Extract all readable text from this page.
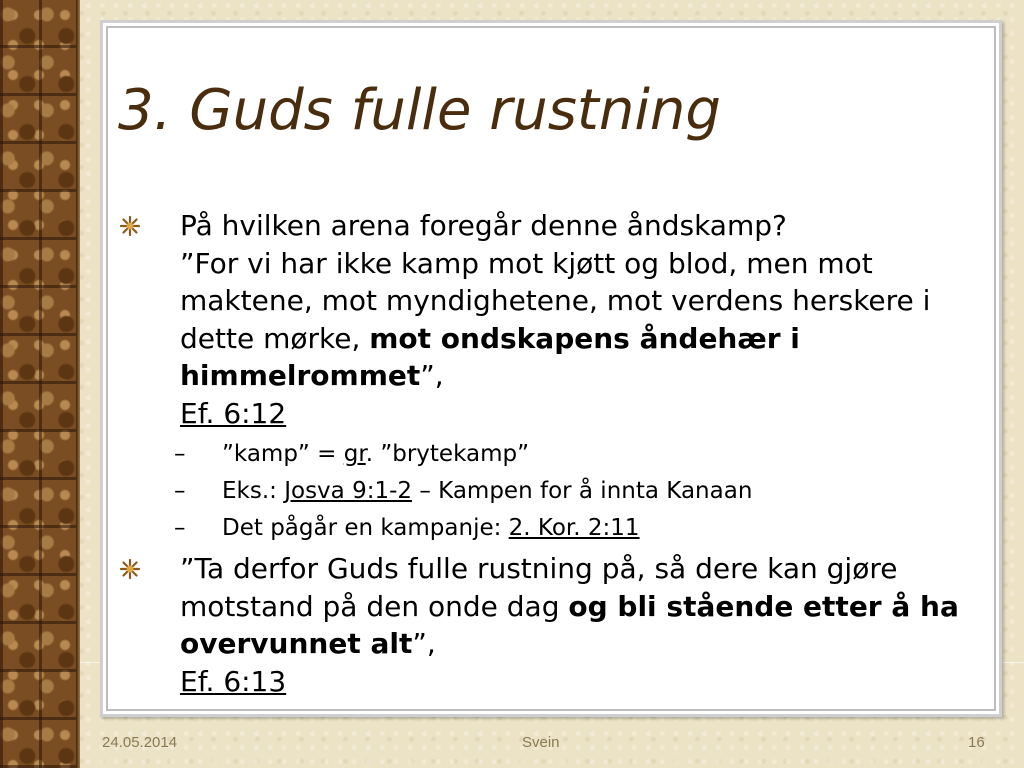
3. Guds fulle rustning
På hvilken arena foregår denne åndskamp?
”For vi har ikke kamp mot kjøtt og blod, men mot maktene, mot myndighetene, mot verdens herskere i dette mørke, mot ondskapens åndehær i himmelrommet”,
Ef. 6:12
– ”kamp” = gr. ”brytekamp”
– Eks.: Josva 9:1-2 – Kampen for å innta Kanaan
– Det pågår en kampanje: 2. Kor. 2:11
”Ta derfor Guds fulle rustning på, så dere kan gjøre motstand på den onde dag og bli stående etter å ha overvunnet alt”,
Ef. 6:13
24.05.2014	Svein	16
